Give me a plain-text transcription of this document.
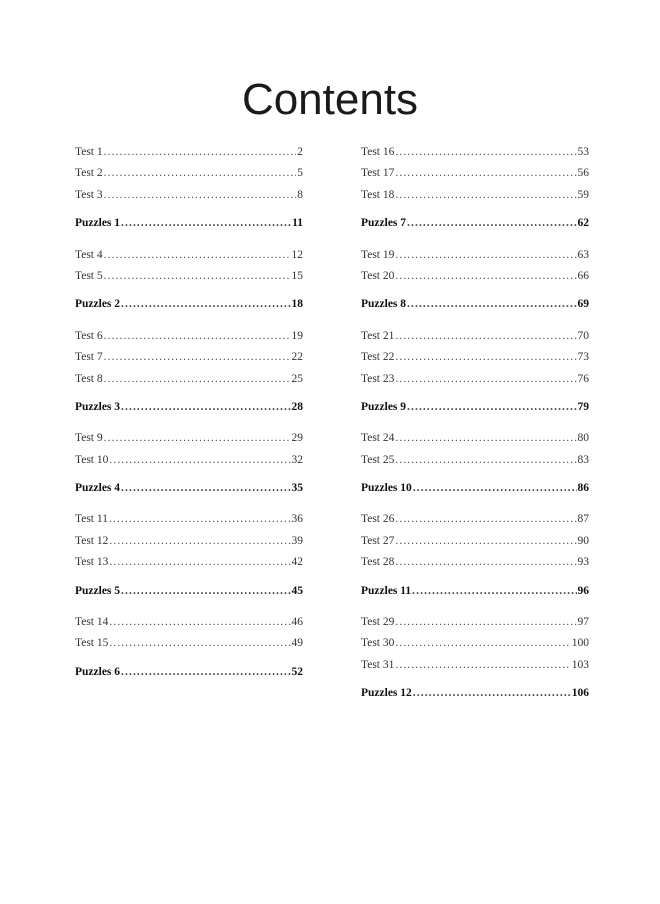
Contents
Test 1 .....	2
Test 2 .....	5
Test 3 .....	8
Puzzles 1 .....	11
Test 4 .....	12
Test 5 .....	15
Puzzles 2 .....	18
Test 6 .....	19
Test 7 .....	22
Test 8 .....	25
Puzzles 3 .....	28
Test 9 .....	29
Test 10 .....	32
Puzzles 4 .....	35
Test 11 .....	36
Test 12 .....	39
Test 13 .....	42
Puzzles 5 .....	45
Test 14 .....	46
Test 15 .....	49
Puzzles 6 .....	52
Test 16 .....	53
Test 17 .....	56
Test 18 .....	59
Puzzles 7 .....	62
Test 19 .....	63
Test 20 .....	66
Puzzles 8 .....	69
Test 21 .....	70
Test 22 .....	73
Test 23 .....	76
Puzzles 9 .....	79
Test 24 .....	80
Test 25 .....	83
Puzzles 10 .....	86
Test 26 .....	87
Test 27 .....	90
Test 28 .....	93
Puzzles 11 .....	96
Test 29 .....	97
Test 30 .....	100
Test 31 .....	103
Puzzles 12 .....	106
